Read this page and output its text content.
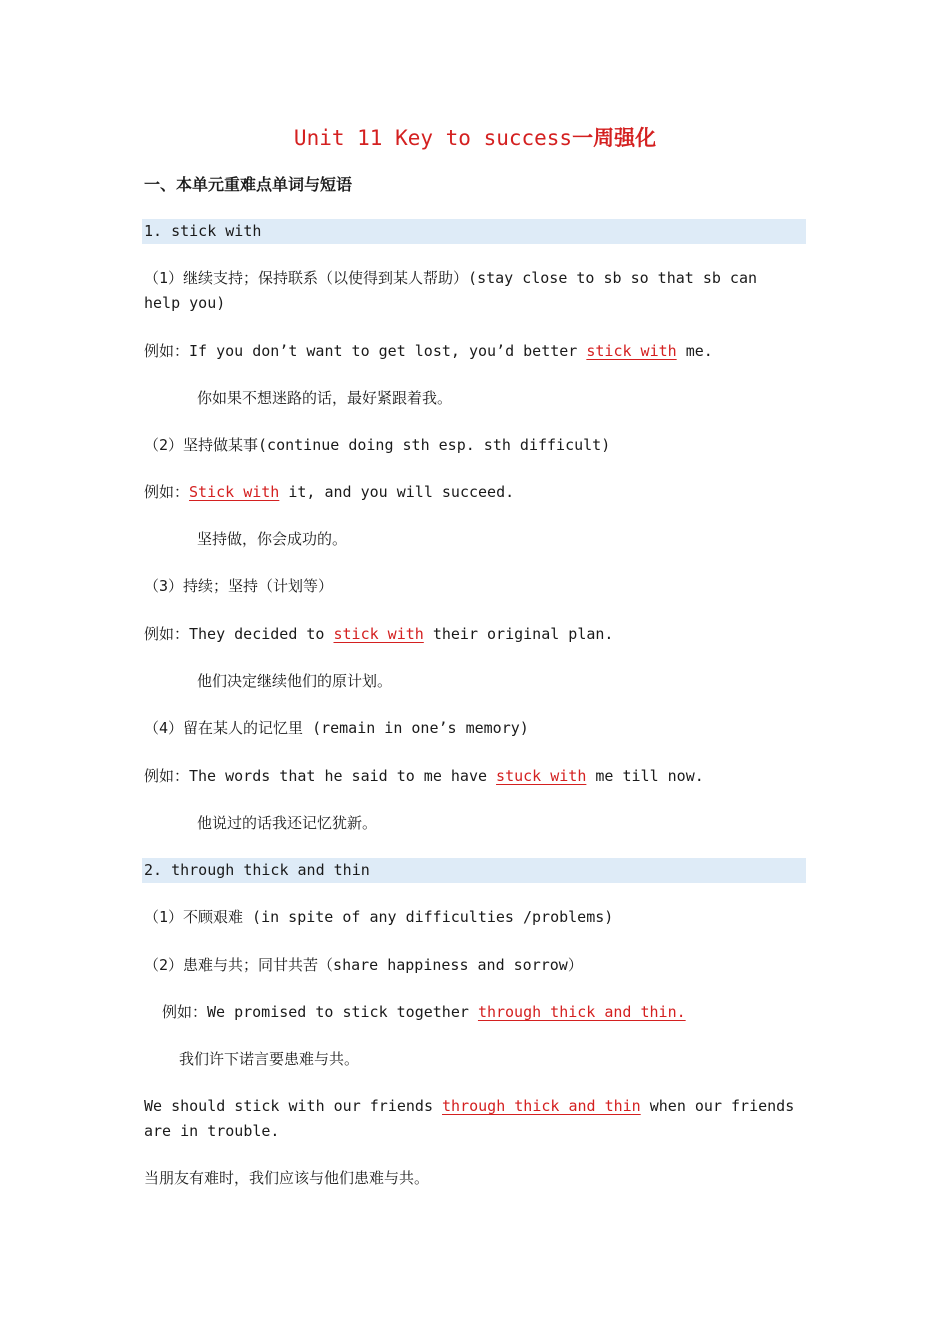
Unit 11 Key to success一周强化
一、本单元重难点单词与短语
1. stick with
（1）继续支持；保持联系（以使得到某人帮助）(stay close to sb so that sb can
help you)
例如：If you don’t want to get lost, you’d better stick with me.
你如果不想迷路的话，最好紧跟着我。
（2）坚持做某事(continue doing sth esp. sth difficult)
例如：Stick with it, and you will succeed.
坚持做，你会成功的。
（3）持续；坚持（计划等）
例如：They decided to stick with their original plan.
他们决定继续他们的原计划。
（4）留在某人的记忆里 (remain in one’s memory)
例如：The words that he said to me have stuck with me till now.
他说过的话我还记忆犹新。
2. through thick and thin
（1）不顾艰难 (in spite of any difficulties /problems)
（2）患难与共；同甘共苦（share happiness and sorrow）
例如：We promised to stick together through thick and thin.
我们许下诺言要患难与共。
We should stick with our friends through thick and thin when our friends
are in trouble.
当朋友有难时，我们应该与他们患难与共。
